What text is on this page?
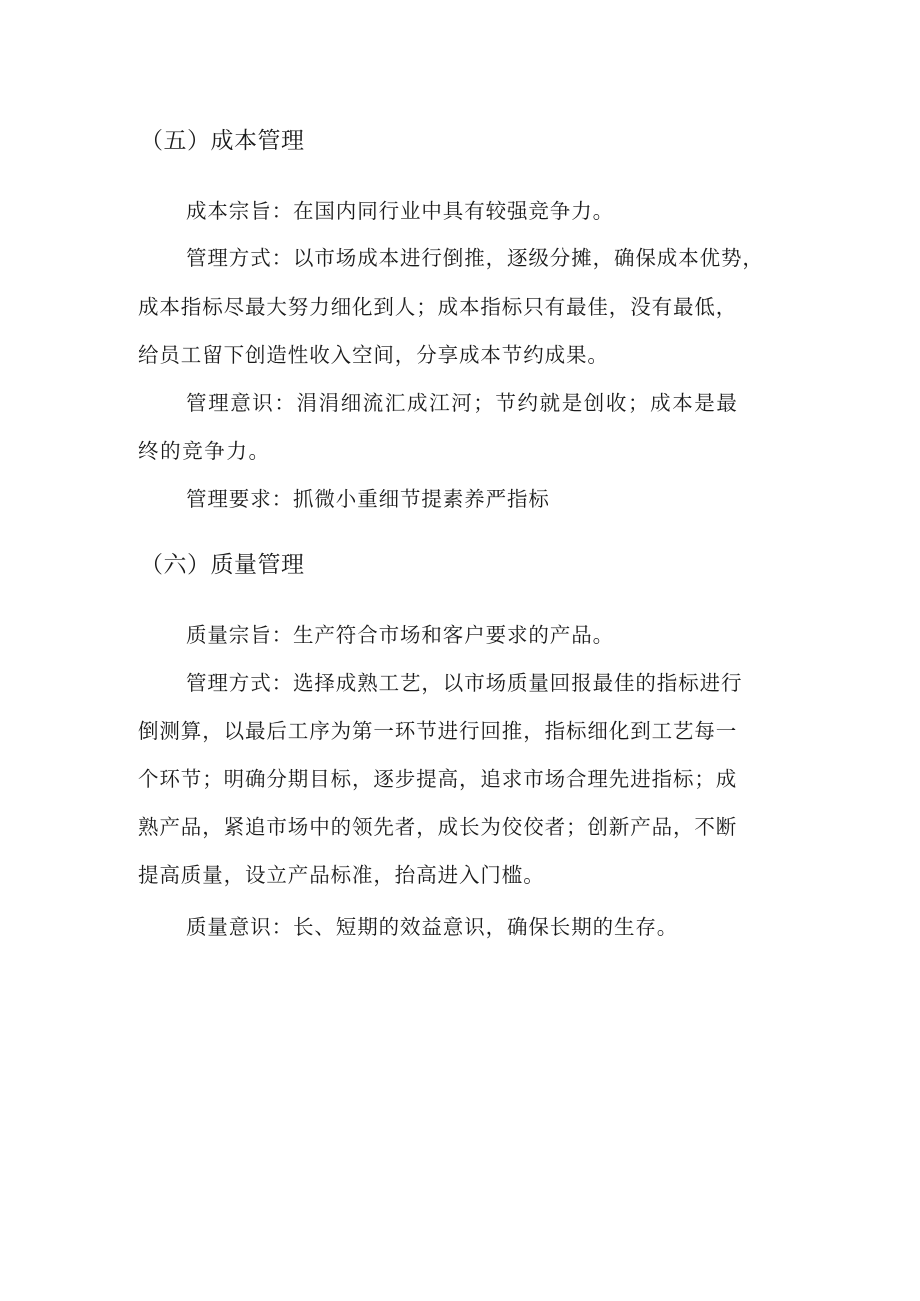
（五）成本管理
成本宗旨：在国内同行业中具有较强竞争力。
管理方式：以市场成本进行倒推，逐级分摊，确保成本优势，
成本指标尽最大努力细化到人；成本指标只有最佳，没有最低，
给员工留下创造性收入空间，分享成本节约成果。
管理意识：涓涓细流汇成江河；节约就是创收；成本是最
终的竞争力。
管理要求：抓微小重细节提素养严指标
（六）质量管理
质量宗旨：生产符合市场和客户要求的产品。
管理方式：选择成熟工艺，以市场质量回报最佳的指标进行
倒测算，以最后工序为第一环节进行回推，指标细化到工艺每一
个环节；明确分期目标，逐步提高，追求市场合理先进指标；成
熟产品，紧追市场中的领先者，成长为佼佼者；创新产品，不断
提高质量，设立产品标准，抬高进入门槛。
质量意识：长、短期的效益意识，确保长期的生存。
